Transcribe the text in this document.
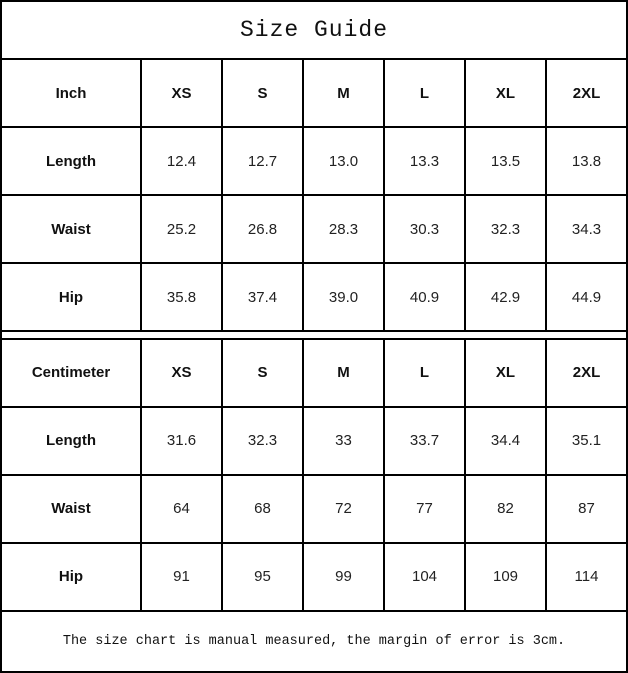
Size Guide						
Inch	XS	S	M	L	XL	2XL
Length	12.4	12.7	13.0	13.3	13.5	13.8
Waist	25.2	26.8	28.3	30.3	32.3	34.3
Hip	35.8	37.4	39.0	40.9	42.9	44.9

Centimeter	XS	S	M	L	XL	2XL
Length	31.6	32.3	33	33.7	34.4	35.1
Waist	64	68	72	77	82	87
Hip	91	95	99	104	109	114
The size chart is manual measured, the margin of error is 3cm.						
